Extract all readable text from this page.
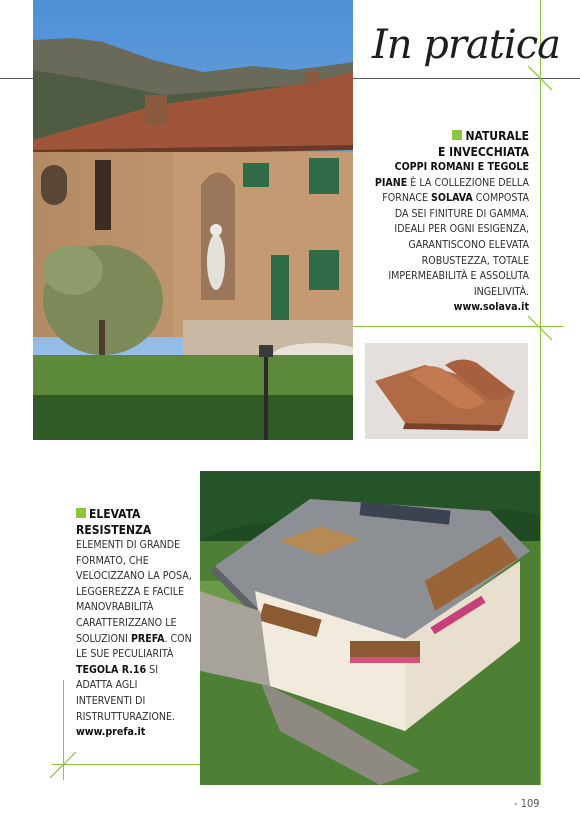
In pratica
NATURALE
E INVECCHIATA
COPPI ROMANI E TEGOLE PIANE È LA COLLEZIONE DELLA FORNACE SOLAVA COMPOSTA DA SEI FINITURE DI GAMMA. IDEALI PER OGNI ESIGENZA, GARANTISCONO ELEVATA ROBUSTEZZA, TOTALE IMPERMEABILITÀ E ASSOLUTA INGELIVITÀ.
www.solava.it
ELEVATA
RESISTENZA
ELEMENTI DI GRANDE FORMATO, CHE VELOCIZZANO LA POSA, LEGGEREZZA E FACILE MANOVRABILITÀ CARATTERIZZANO LE SOLUZIONI PREFA. CON LE SUE PECULIARITÀ TEGOLA R.16 SI ADATTA AGLI INTERVENTI DI RISTRUTTURAZIONE.
www.prefa.it
- 109
